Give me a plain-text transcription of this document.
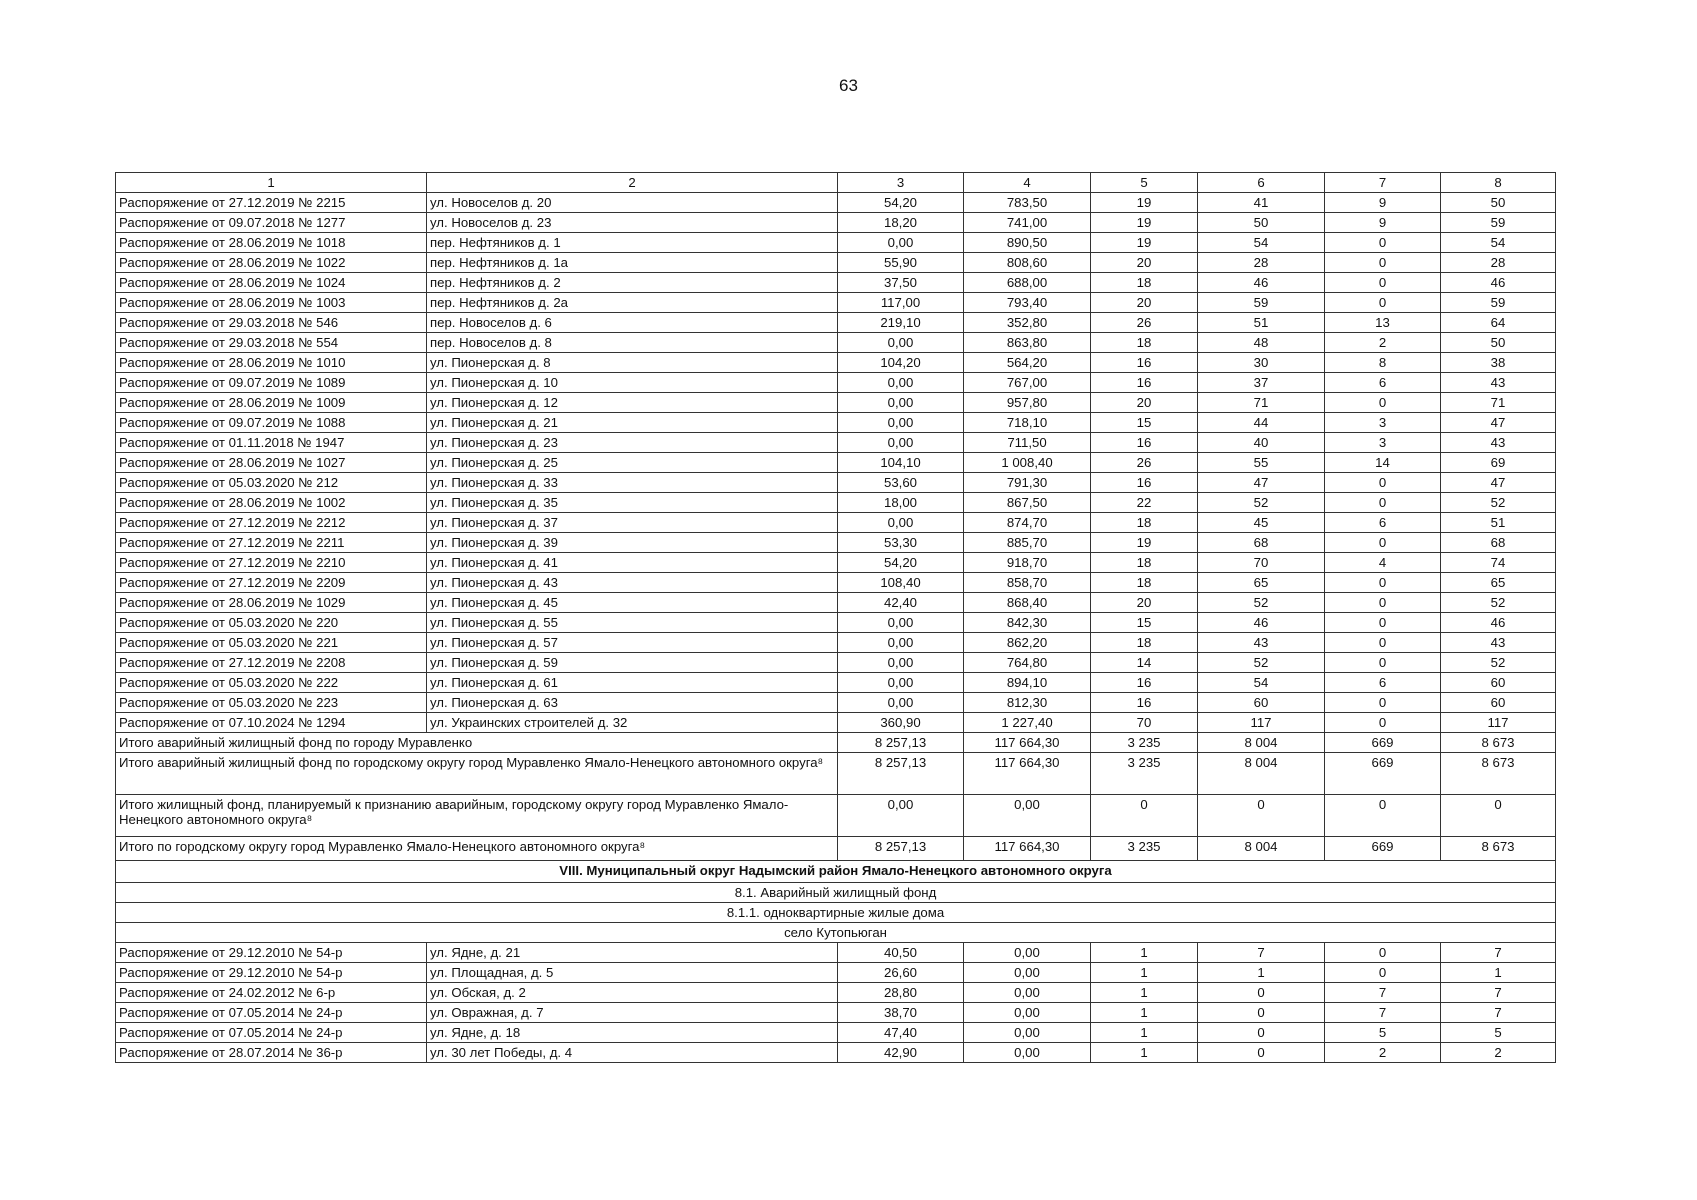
63
1	2	3	4	5	6	7	8
Распоряжение от 27.12.2019 № 2215	ул. Новоселов д. 20	54,20	783,50	19	41	9	50
Распоряжение от 09.07.2018 № 1277	ул. Новоселов д. 23	18,20	741,00	19	50	9	59
Распоряжение от 28.06.2019 № 1018	пер. Нефтяников д. 1	0,00	890,50	19	54	0	54
Распоряжение от 28.06.2019 № 1022	пер. Нефтяников д. 1а	55,90	808,60	20	28	0	28
Распоряжение от 28.06.2019 № 1024	пер. Нефтяников д. 2	37,50	688,00	18	46	0	46
Распоряжение от 28.06.2019 № 1003	пер. Нефтяников д. 2а	117,00	793,40	20	59	0	59
Распоряжение от 29.03.2018 № 546	пер. Новоселов д. 6	219,10	352,80	26	51	13	64
Распоряжение от 29.03.2018 № 554	пер. Новоселов д. 8	0,00	863,80	18	48	2	50
Распоряжение от 28.06.2019 № 1010	ул. Пионерская д. 8	104,20	564,20	16	30	8	38
Распоряжение от 09.07.2019 № 1089	ул. Пионерская д. 10	0,00	767,00	16	37	6	43
Распоряжение от 28.06.2019 № 1009	ул. Пионерская д. 12	0,00	957,80	20	71	0	71
Распоряжение от 09.07.2019 № 1088	ул. Пионерская д. 21	0,00	718,10	15	44	3	47
Распоряжение от 01.11.2018 № 1947	ул. Пионерская д. 23	0,00	711,50	16	40	3	43
Распоряжение от 28.06.2019 № 1027	ул. Пионерская д. 25	104,10	1 008,40	26	55	14	69
Распоряжение от 05.03.2020 № 212	ул. Пионерская д. 33	53,60	791,30	16	47	0	47
Распоряжение от 28.06.2019 № 1002	ул. Пионерская д. 35	18,00	867,50	22	52	0	52
Распоряжение от 27.12.2019 № 2212	ул. Пионерская д. 37	0,00	874,70	18	45	6	51
Распоряжение от 27.12.2019 № 2211	ул. Пионерская д. 39	53,30	885,70	19	68	0	68
Распоряжение от 27.12.2019 № 2210	ул. Пионерская д. 41	54,20	918,70	18	70	4	74
Распоряжение от 27.12.2019 № 2209	ул. Пионерская д. 43	108,40	858,70	18	65	0	65
Распоряжение от 28.06.2019 № 1029	ул. Пионерская д. 45	42,40	868,40	20	52	0	52
Распоряжение от 05.03.2020 № 220	ул. Пионерская д. 55	0,00	842,30	15	46	0	46
Распоряжение от 05.03.2020 № 221	ул. Пионерская д. 57	0,00	862,20	18	43	0	43
Распоряжение от 27.12.2019 № 2208	ул. Пионерская д. 59	0,00	764,80	14	52	0	52
Распоряжение от 05.03.2020 № 222	ул. Пионерская д. 61	0,00	894,10	16	54	6	60
Распоряжение от 05.03.2020 № 223	ул. Пионерская д. 63	0,00	812,30	16	60	0	60
Распоряжение от 07.10.2024 № 1294	ул. Украинских строителей д. 32	360,90	1 227,40	70	117	0	117
Итого аварийный жилищный фонд по городу Муравленко		8 257,13	117 664,30	3 235	8 004	669	8 673
Итого аварийный жилищный фонд по городскому округу город Муравленко Ямало-Ненецкого автономного округа⁸		8 257,13	117 664,30	3 235	8 004	669	8 673
Итого жилищный фонд, планируемый к признанию аварийным, городскому округу город Муравленко Ямало-Ненецкого автономного округа⁸		0,00	0,00	0	0	0	0
Итого по городскому округу город Муравленко Ямало-Ненецкого автономного округа⁸		8 257,13	117 664,30	3 235	8 004	669	8 673
VIII. Муниципальный округ Надымский район Ямало-Ненецкого автономного округа							
8.1. Аварийный жилищный фонд							
8.1.1. одноквартирные жилые дома							
село Кутопьюган							
Распоряжение от 29.12.2010 № 54-р	ул. Ядне, д. 21	40,50	0,00	1	7	0	7
Распоряжение от 29.12.2010 № 54-р	ул. Площадная, д. 5	26,60	0,00	1	1	0	1
Распоряжение от 24.02.2012 № 6-р	ул. Обская, д. 2	28,80	0,00	1	0	7	7
Распоряжение от 07.05.2014 № 24-р	ул. Овражная, д. 7	38,70	0,00	1	0	7	7
Распоряжение от 07.05.2014 № 24-р	ул. Ядне, д. 18	47,40	0,00	1	0	5	5
Распоряжение от 28.07.2014 № 36-р	ул. 30 лет Победы, д. 4	42,90	0,00	1	0	2	2
